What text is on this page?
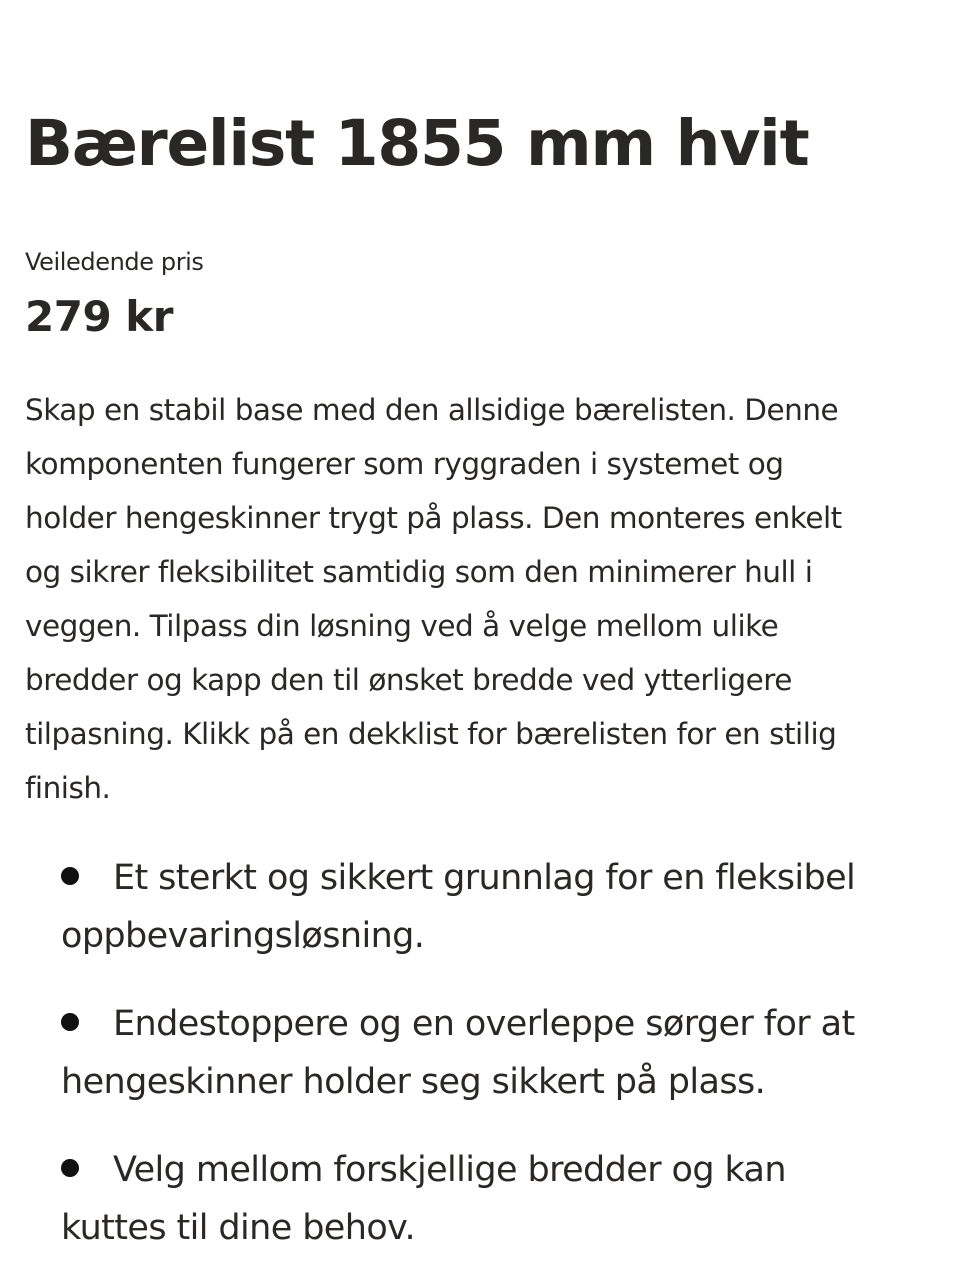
Bærelist 1855 mm hvit
Veiledende pris
279 kr

Skap en stabil base med den allsidige bærelisten. Denne
komponenten fungerer som ryggraden i systemet og
holder hengeskinner trygt på plass. Den monteres enkelt
og sikrer fleksibilitet samtidig som den minimerer hull i
veggen. Tilpass din løsning ved å velge mellom ulike
bredder og kapp den til ønsket bredde ved ytterligere
tilpasning. Klikk på en dekklist for bærelisten for en stilig
finish.

Et sterkt og sikkert grunnlag for en fleksibel
oppbevaringsløsning.
Endestoppere og en overleppe sørger for at
hengeskinner holder seg sikkert på plass.
Velg mellom forskjellige bredder og kan
kuttes til dine behov.
